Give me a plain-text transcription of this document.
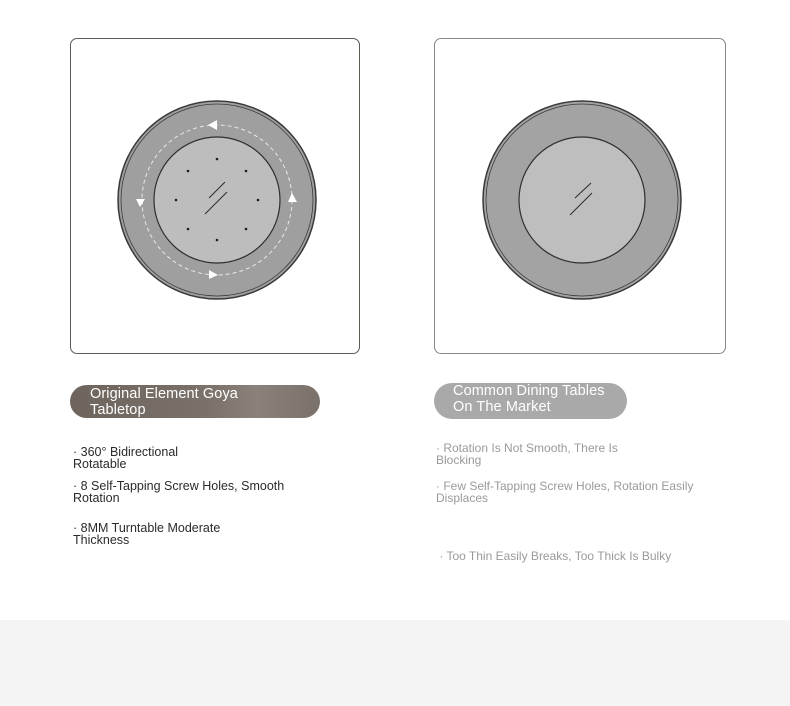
Original Element Goya
Tabletop
Common Dining Tables
On The Market
· 360° Bidirectional
Rotatable
· 8 Self-Tapping Screw Holes, Smooth
Rotation
· 8MM Turntable Moderate
Thickness
· Rotation Is Not Smooth, There Is
Blocking
· Few Self-Tapping Screw Holes, Rotation Easily
Displaces

· Too Thin Easily Breaks, Too Thick Is Bulky
